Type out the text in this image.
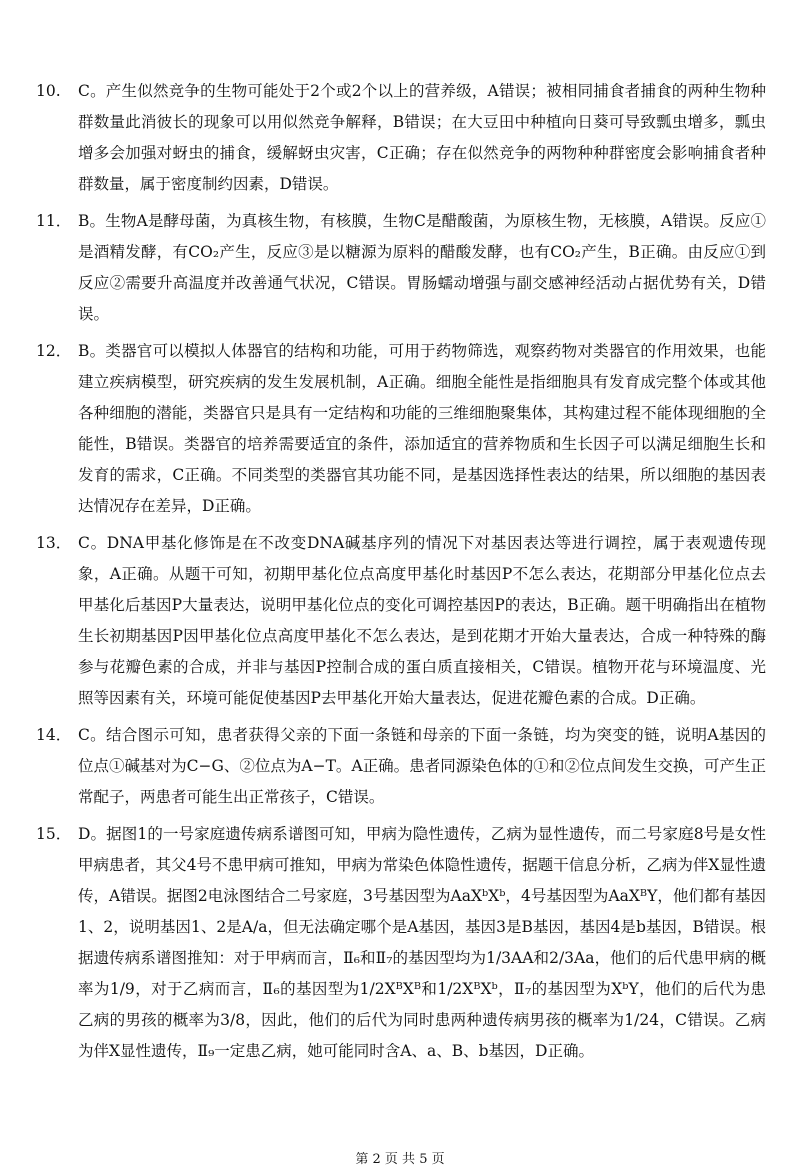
10. C。产生似然竞争的生物可能处于2个或2个以上的营养级，A错误；被相同捕食者捕食的两种生物种群数量此消彼长的现象可以用似然竞争解释，B错误；在大豆田中种植向日葵可导致瓢虫增多，瓢虫增多会加强对蚜虫的捕食，缓解蚜虫灾害，C正确；存在似然竞争的两物种种群密度会影响捕食者种群数量，属于密度制约因素，D错误。
11． B。生物A是酵母菌，为真核生物，有核膜，生物C是醋酸菌，为原核生物，无核膜，A错误。反应①是酒精发酵，有CO₂产生，反应③是以糖源为原料的醋酸发酵，也有CO₂产生，B正确。由反应①到反应②需要升高温度并改善通气状况，C错误。胃肠蠕动增强与副交感神经活动占据优势有关，D错误。
12． B。类器官可以模拟人体器官的结构和功能，可用于药物筛选，观察药物对类器官的作用效果，也能建立疾病模型，研究疾病的发生发展机制，A正确。细胞全能性是指细胞具有发育成完整个体或其他各种细胞的潜能，类器官只是具有一定结构和功能的三维细胞聚集体，其构建过程不能体现细胞的全能性，B错误。类器官的培养需要适宜的条件，添加适宜的营养物质和生长因子可以满足细胞生长和发育的需求，C正确。不同类型的类器官其功能不同，是基因选择性表达的结果，所以细胞的基因表达情况存在差异，D正确。
13． C。DNA甲基化修饰是在不改变DNA碱基序列的情况下对基因表达等进行调控，属于表观遗传现象，A正确。从题干可知，初期甲基化位点高度甲基化时基因P不怎么表达，花期部分甲基化位点去甲基化后基因P大量表达，说明甲基化位点的变化可调控基因P的表达，B正确。题干明确指出在植物生长初期基因P因甲基化位点高度甲基化不怎么表达，是到花期才开始大量表达，合成一种特殊的酶参与花瓣色素的合成，并非与基因P控制合成的蛋白质直接相关，C错误。植物开花与环境温度、光照等因素有关，环境可能促使基因P去甲基化开始大量表达，促进花瓣色素的合成。D正确。
14． C。结合图示可知，患者获得父亲的下面一条链和母亲的下面一条链，均为突变的链，说明A基因的位点①碱基对为C−G、②位点为A−T。A正确。患者同源染色体的①和②位点间发生交换，可产生正常配子，两患者可能生出正常孩子，C错误。
15． D。据图1的一号家庭遗传病系谱图可知，甲病为隐性遗传，乙病为显性遗传，而二号家庭8号是女性甲病患者，其父4号不患甲病可推知，甲病为常染色体隐性遗传，据题干信息分析，乙病为伴X显性遗传，A错误。据图2电泳图结合二号家庭，3号基因型为AaXᵇXᵇ，4号基因型为AaXᴮY，他们都有基因1、2，说明基因1、2是A/a，但无法确定哪个是A基因，基因3是B基因，基因4是b基因，B错误。根据遗传病系谱图推知：对于甲病而言，Ⅱ₆和Ⅱ₇的基因型均为1/3AA和2/3Aa，他们的后代患甲病的概率为1/9，对于乙病而言，Ⅱ₆的基因型为1/2XᴮXᴮ和1/2XᴮXᵇ，Ⅱ₇的基因型为XᵇY，他们的后代为患乙病的男孩的概率为3/8，因此，他们的后代为同时患两种遗传病男孩的概率为1/24，C错误。乙病为伴X显性遗传，Ⅱ₉一定患乙病，她可能同时含A、a、B、b基因，D正确。
第 2 页 共 5 页
